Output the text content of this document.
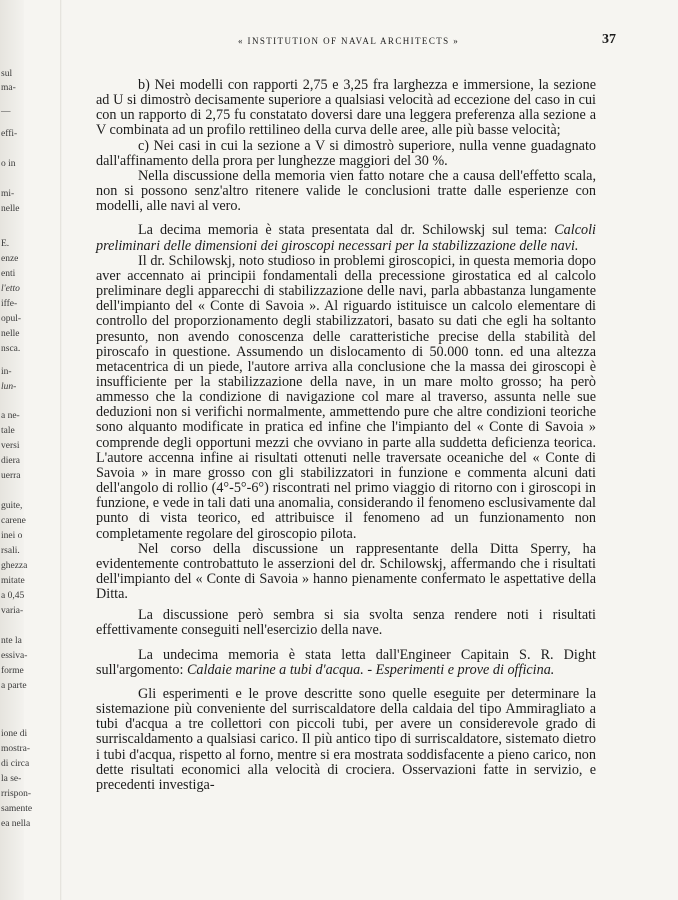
sul
ma-
—
effi-
o in
mi-
nelle
E.
enze
enti
l'etto
iffe-
opul-
nelle
nsca.
in-
lun-
a ne-
tale
versi
diera
uerra
guite,
carene
inei o
rsali.
ghezza
mitate
a 0,45
varia-
nte la
essiva-
forme
a parte
ione di
mostra-
di circa
la se-
rrispon-
samente
ea nella
« INSTITUTION OF NAVAL ARCHITECTS »	37

b) Nei modelli con rapporti 2,75 e 3,25 fra larghezza e immersione, la sezione ad U si dimostrò decisamente superiore a qualsiasi velocità ad eccezione del caso in cui con un rapporto di 2,75 fu constatato doversi dare una leggera preferenza alla sezione a V combinata ad un profilo rettilineo della curva delle aree, alle più basse velocità;

c) Nei casi in cui la sezione a V si dimostrò superiore, nulla venne guadagnato dall'affinamento della prora per lunghezze maggiori del 30 %.

Nella discussione della memoria vien fatto notare che a causa dell'effetto scala, non si possono senz'altro ritenere valide le conclusioni tratte dalle esperienze con modelli, alle navi al vero.

La decima memoria è stata presentata dal dr. Schilowskj sul tema: Calcoli preliminari delle dimensioni dei giroscopi necessari per la stabilizzazione delle navi.

Il dr. Schilowskj, noto studioso in problemi giroscopici, in questa memoria dopo aver accennato ai principii fondamentali della precessione girostatica ed al calcolo preliminare degli apparecchi di stabilizzazione delle navi, parla abbastanza lungamente dell'impianto del « Conte di Savoia ». Al riguardo istituisce un calcolo elementare di controllo del proporzionamento degli stabilizzatori, basato su dati che egli ha soltanto presunto, non avendo conoscenza delle caratteristiche precise della stabilità del piroscafo in questione. Assumendo un dislocamento di 50.000 tonn. ed una altezza metacentrica di un piede, l'autore arriva alla conclusione che la massa dei giroscopi è insufficiente per la stabilizzazione della nave, in un mare molto grosso; ha però ammesso che la condizione di navigazione col mare al traverso, assunta nelle sue deduzioni non si verifichi normalmente, ammettendo pure che altre condizioni teoriche sono alquanto modificate in pratica ed infine che l'impianto del « Conte di Savoia » comprende degli opportuni mezzi che ovviano in parte alla suddetta deficienza teorica. L'autore accenna infine ai risultati ottenuti nelle traversate oceaniche del « Conte di Savoia » in mare grosso con gli stabilizzatori in funzione e commenta alcuni dati dell'angolo di rollio (4°-5°-6°) riscontrati nel primo viaggio di ritorno con i giroscopi in funzione, e vede in tali dati una anomalia, considerando il fenomeno esclusivamente dal punto di vista teorico, ed attribuisce il fenomeno ad un funzionamento non completamente regolare del giroscopio pilota.

Nel corso della discussione un rappresentante della Ditta Sperry, ha evidentemente controbattuto le asserzioni del dr. Schilowskj, affermando che i risultati dell'impianto del « Conte di Savoia » hanno pienamente confermato le aspettative della Ditta.

La discussione però sembra si sia svolta senza rendere noti i risultati effettivamente conseguiti nell'esercizio della nave.

La undecima memoria è stata letta dall'Engineer Capitain S. R. Dight sull'argomento: Caldaie marine a tubi d'acqua. - Esperimenti e prove di officina.

Gli esperimenti e le prove descritte sono quelle eseguite per determinare la sistemazione più conveniente del surriscaldatore della caldaia del tipo Ammiragliato a tubi d'acqua a tre collettori con piccoli tubi, per avere un considerevole grado di surriscaldamento a qualsiasi carico. Il più antico tipo di surriscaldatore, sistemato dietro i tubi d'acqua, rispetto al forno, mentre si era mostrata soddisfacente a pieno carico, non dette risultati economici alla velocità di crociera. Osservazioni fatte in servizio, e precedenti investiga-
